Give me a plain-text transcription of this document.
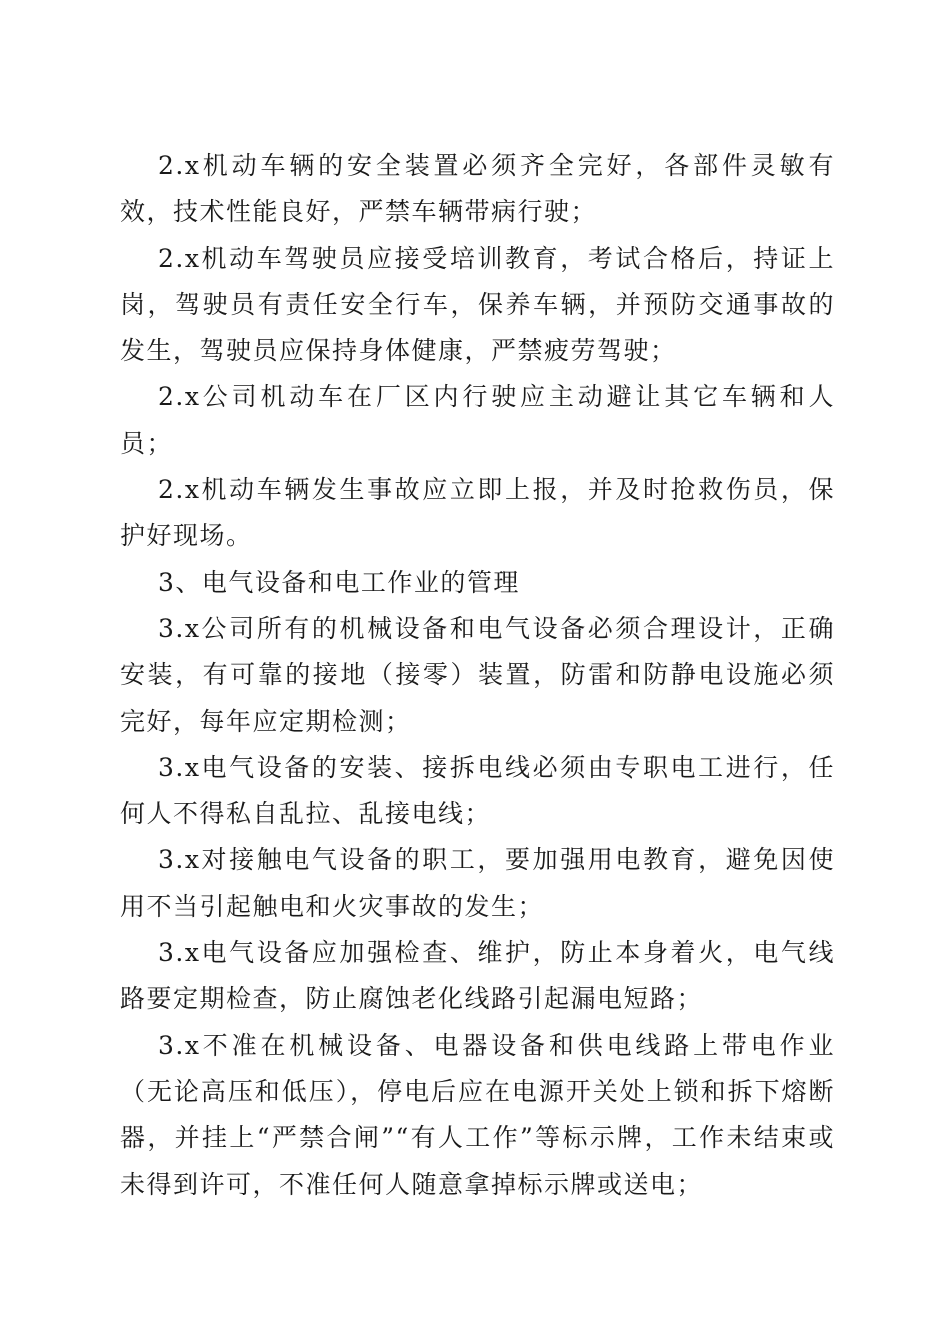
2.x机动车辆的安全装置必须齐全完好，各部件灵敏有效，技术性能良好，严禁车辆带病行驶；

2.x机动车驾驶员应接受培训教育，考试合格后，持证上岗，驾驶员有责任安全行车，保养车辆，并预防交通事故的发生，驾驶员应保持身体健康，严禁疲劳驾驶；

2.x公司机动车在厂区内行驶应主动避让其它车辆和人员；

2.x机动车辆发生事故应立即上报，并及时抢救伤员，保护好现场。

3、电气设备和电工作业的管理

3.x公司所有的机械设备和电气设备必须合理设计，正确安装，有可靠的接地（接零）装置，防雷和防静电设施必须完好，每年应定期检测；

3.x电气设备的安装、接拆电线必须由专职电工进行，任何人不得私自乱拉、乱接电线；

3.x对接触电气设备的职工，要加强用电教育，避免因使用不当引起触电和火灾事故的发生；

3.x电气设备应加强检查、维护，防止本身着火，电气线路要定期检查，防止腐蚀老化线路引起漏电短路；

3.x不准在机械设备、电器设备和供电线路上带电作业（无论高压和低压），停电后应在电源开关处上锁和拆下熔断器，并挂上“严禁合闸”“有人工作”等标示牌，工作未结束或未得到许可，不准任何人随意拿掉标示牌或送电；
